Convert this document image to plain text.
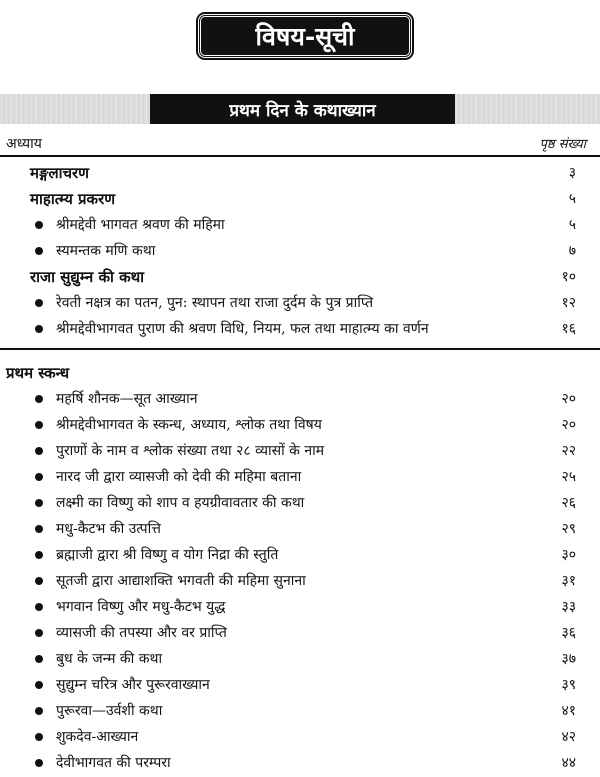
विषय-सूची
प्रथम दिन के कथाख्यान
अध्याय	पृष्ठ संख्या
मङ्गलाचरण	३
माहात्म्य प्रकरण	५
श्रीमद्देवी भागवत श्रवण की महिमा	५
स्यमन्तक मणि कथा	७
राजा सुद्युम्न की कथा	१०
रेवती नक्षत्र का पतन, पुन: स्थापन तथा राजा दुर्दम के पुत्र प्राप्ति	१२
श्रीमद्देवीभागवत पुराण की श्रवण विधि, नियम, फल तथा माहात्म्य का वर्णन	१६
प्रथम स्कन्ध
महर्षि शौनक—सूत आख्यान	२०
श्रीमद्देवीभागवत के स्कन्ध, अध्याय, श्लोक तथा विषय	२०
पुराणों के नाम व श्लोक संख्या तथा २८ व्यासों के नाम	२२
नारद जी द्वारा व्यासजी को देवी की महिमा बताना	२५
लक्ष्मी का विष्णु को शाप व हयग्रीवावतार की कथा	२६
मधु-कैटभ की उत्पत्ति	२९
ब्रह्माजी द्वारा श्री विष्णु व योग निद्रा की स्तुति	३०
सूतजी द्वारा आद्याशक्ति भगवती की महिमा सुनाना	३१
भगवान विष्णु और मधु-कैटभ युद्ध	३३
व्यासजी की तपस्या और वर प्राप्ति	३६
बुध के जन्म की कथा	३७
सुद्युम्न चरित्र और पुरूरवाख्यान	३९
पुरूरवा—उर्वशी कथा	४१
शुकदेव-आख्यान	४२
देवीभागवत की परम्परा	४४
